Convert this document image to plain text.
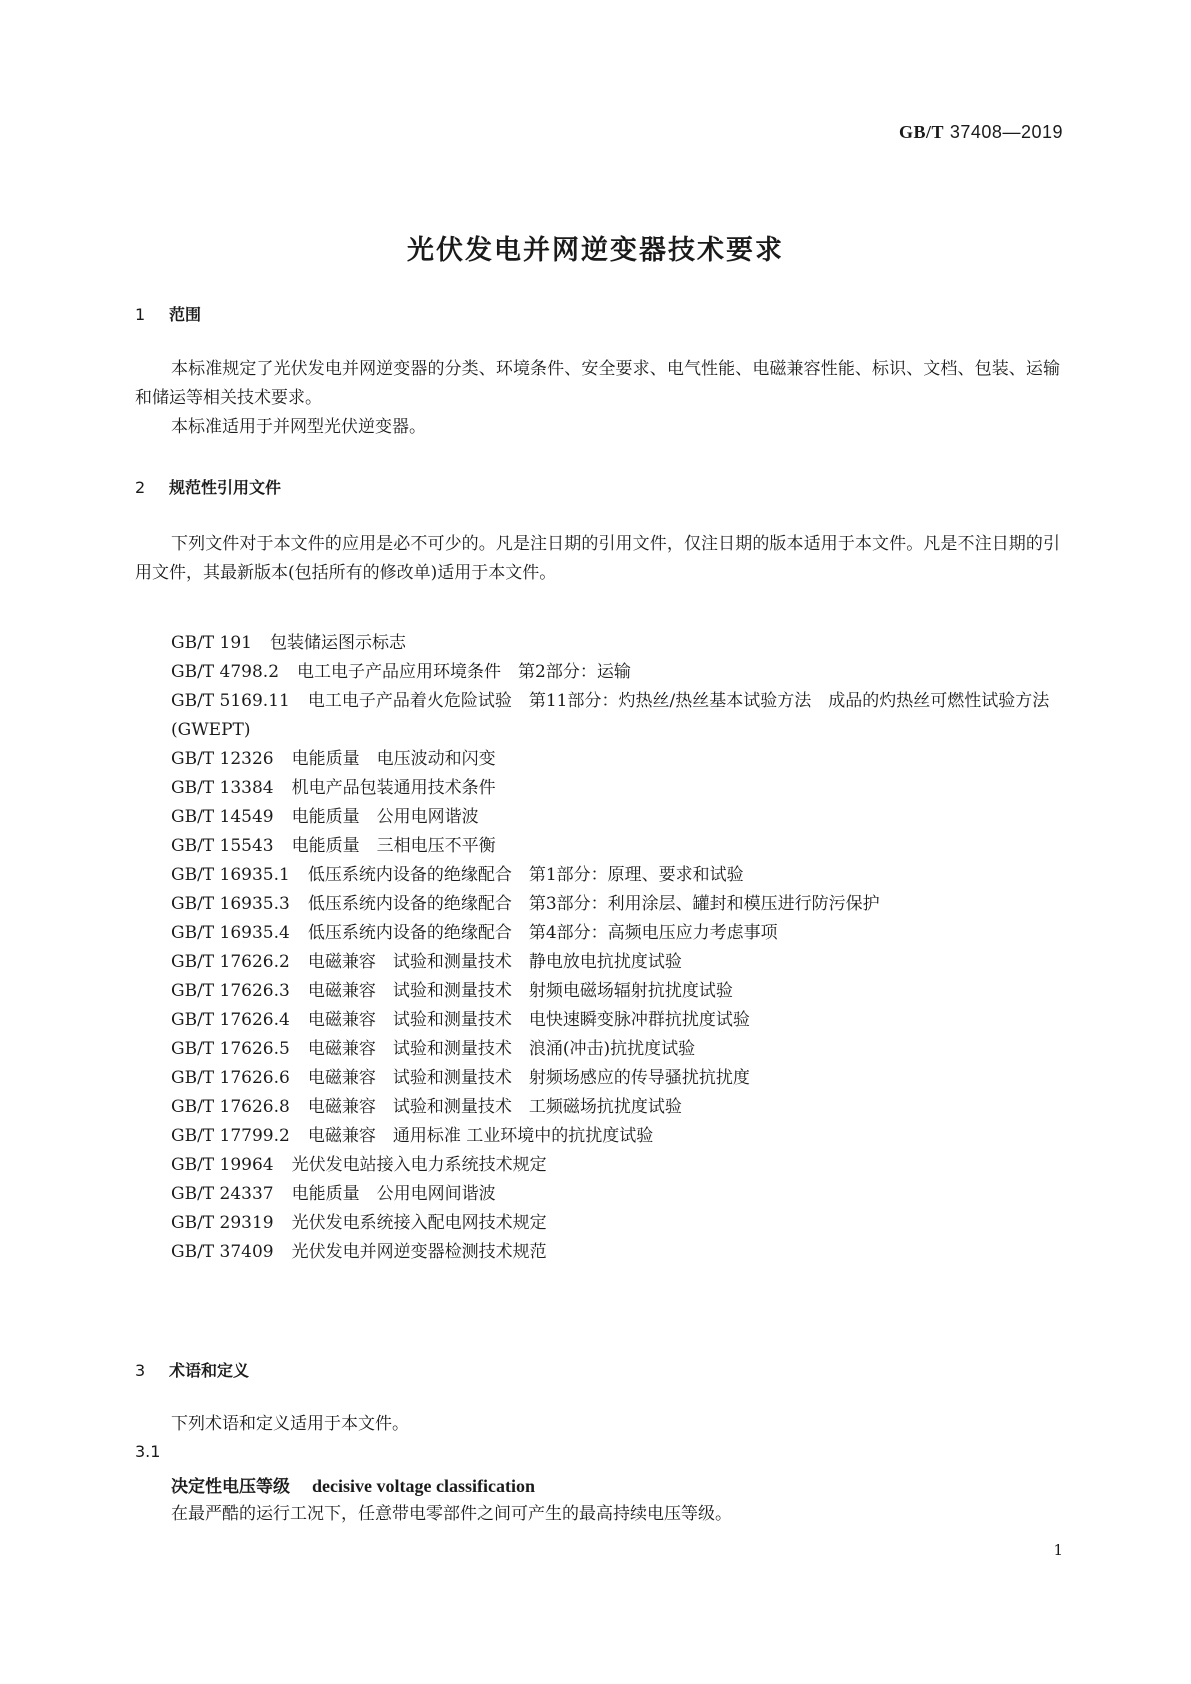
GB/T 37408—2019
光伏发电并网逆变器技术要求
1 范围
本标准规定了光伏发电并网逆变器的分类、环境条件、安全要求、电气性能、电磁兼容性能、标识、文档、包装、运输和储运等相关技术要求。
本标准适用于并网型光伏逆变器。
2 规范性引用文件
下列文件对于本文件的应用是必不可少的。凡是注日期的引用文件，仅注日期的版本适用于本文件。凡是不注日期的引用文件，其最新版本(包括所有的修改单)适用于本文件。
GB/T 191 包装储运图示标志
GB/T 4798.2 电工电子产品应用环境条件　第2部分：运输
GB/T 5169.11 电工电子产品着火危险试验　第11部分：灼热丝/热丝基本试验方法　成品的灼热丝可燃性试验方法(GWEPT)
GB/T 12326 电能质量　电压波动和闪变
GB/T 13384 机电产品包装通用技术条件
GB/T 14549 电能质量　公用电网谐波
GB/T 15543 电能质量　三相电压不平衡
GB/T 16935.1 低压系统内设备的绝缘配合　第1部分：原理、要求和试验
GB/T 16935.3 低压系统内设备的绝缘配合　第3部分：利用涂层、罐封和模压进行防污保护
GB/T 16935.4 低压系统内设备的绝缘配合　第4部分：高频电压应力考虑事项
GB/T 17626.2 电磁兼容　试验和测量技术　静电放电抗扰度试验
GB/T 17626.3 电磁兼容　试验和测量技术　射频电磁场辐射抗扰度试验
GB/T 17626.4 电磁兼容　试验和测量技术　电快速瞬变脉冲群抗扰度试验
GB/T 17626.5 电磁兼容　试验和测量技术　浪涌(冲击)抗扰度试验
GB/T 17626.6 电磁兼容　试验和测量技术　射频场感应的传导骚扰抗扰度
GB/T 17626.8 电磁兼容　试验和测量技术　工频磁场抗扰度试验
GB/T 17799.2 电磁兼容　通用标准 工业环境中的抗扰度试验
GB/T 19964 光伏发电站接入电力系统技术规定
GB/T 24337 电能质量　公用电网间谐波
GB/T 29319 光伏发电系统接入配电网技术规定
GB/T 37409 光伏发电并网逆变器检测技术规范
3 术语和定义
下列术语和定义适用于本文件。
3.1
决定性电压等级 decisive voltage classification
在最严酷的运行工况下，任意带电零部件之间可产生的最高持续电压等级。
1
